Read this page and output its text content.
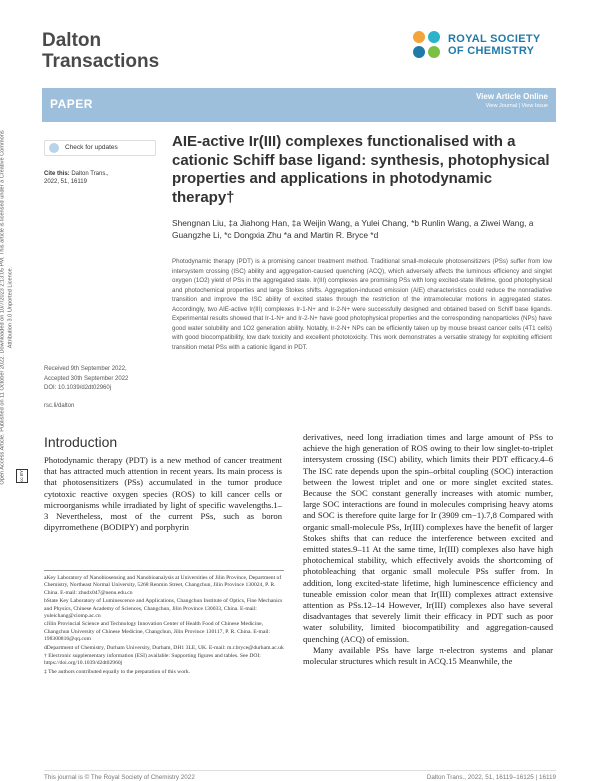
Dalton
Transactions
ROYAL SOCIETY
OF CHEMISTRY
PAPER
View Article Online
View Journal | View Issue
Check for updates
Cite this: Dalton Trans., 2022, 51, 16119
AIE-active Ir(III) complexes functionalised with a cationic Schiff base ligand: synthesis, photophysical properties and applications in photodynamic therapy†
Shengnan Liu, ‡a Jiahong Han, ‡a Weijin Wang, a Yulei Chang, *b Runlin Wang, a Ziwei Wang, a Guangzhe Li, *c Dongxia Zhu *a and Martin R. Bryce *d
Photodynamic therapy (PDT) is a promising cancer treatment method. Traditional small-molecule photosensitizers (PSs) suffer from low intersystem crossing (ISC) ability and aggregation-caused quenching (ACQ), which adversely affects the luminous efficiency and singlet oxygen (1O2) yield of PSs in the aggregated state. Ir(III) complexes are promising PSs with long excited-state lifetime, good photophysical and photochemical properties and large Stokes shifts. Aggregation-induced emission (AIE) characteristics could reduce the nonradiative transition and improve the ISC ability of excited states through the restriction of the intramolecular motions in aggregated states. Accordingly, two AIE-active Ir(III) complexes Ir-1-N+ and Ir-2-N+ were successfully designed and obtained based on Schiff base ligands. Experimental results showed that Ir-1-N+ and Ir-2-N+ have good photophysical properties and the corresponding nanoparticles (NPs) have good water solubility and 1O2 generation ability. Notably, Ir-2-N+ NPs can be efficiently taken up by mouse breast cancer cells (4T1 cells) with good biocompatibility, low dark toxicity and excellent phototoxicity. This work demonstrates a versatile strategy for exploiting efficient transition metal PSs with a cationic ligand in PDT.
Received 9th September 2022,
Accepted 30th September 2022
DOI: 10.1039/d2dt02960j
rsc.li/dalton
Introduction
Photodynamic therapy (PDT) is a new method of cancer treatment that has attracted much attention in recent years. Its main process is that photosensitizers (PSs) accumulated in the tumor produce cytotoxic reactive oxygen species (ROS) to kill cancer cells or microorganisms while irradiated by light of specific wavelengths.1–3 Nevertheless, most of the current PSs, such as boron dipyrromethene (BODIPY) and porphyrin

derivatives, need long irradiation times and large amount of PSs to achieve the high generation of ROS owing to their low singlet-to-triplet intersystem crossing (ISC) ability, which limits their PDT efficacy.4–6 The ISC rate depends upon the spin–orbital coupling (SOC) interaction between the lowest triplet and one or more singlet excited states. Because the SOC constant generally increases with atomic number, large SOC interactions are found in molecules comprising heavy atoms and SOC is therefore quite large for Ir (3909 cm−1).7,8 Compared with organic small-molecule PSs, Ir(III) complexes have the benefit of larger Stokes shifts that can reduce the interference between excited and emitted states.9–11 At the same time, Ir(III) complexes also have high photochemical stability, which effectively avoids the shortcoming of photobleaching that organic small molecule PSs suffer from. In addition, long excited-state lifetime, high luminescence efficiency and tuneable emission color mean that Ir(III) complexes attract extensive attention as PSs.12–14 However, Ir(III) complexes also have several disadvantages that severely limit their efficacy in PDT such as poor water solubility, limited biocompatibility and aggregation-caused quenching (ACQ) of emission.

Many available PSs have large π-electron systems and planar molecular structures which result in ACQ.15 Meanwhile, the

aKey Laboratory of Nanobiosensing and Nanobioanalysis at Universities of Jilin Province, Department of Chemistry, Northeast Normal University, 5268 Renmin Street, Changchun, Jilin Province 130024, P. R. China. E-mail: zhudx047@nenu.edu.cn

bState Key Laboratory of Luminescence and Applications, Changchun Institute of Optics, Fine Mechanics and Physics, Chinese Academy of Sciences, Changchun, Jilin Province 130033, China. E-mail: yuleichang@ciomp.ac.cn

cJilin Provincial Science and Technology Innovation Center of Health Food of Chinese Medicine, Changchun University of Chinese Medicine, Changchun, Jilin Province 130117, P. R. China. E-mail: 198300816@qq.com

dDepartment of Chemistry, Durham University, Durham, DH1 3LE, UK. E-mail: m.r.bryce@durham.ac.uk

† Electronic supplementary information (ESI) available: Supporting figures and tables. See DOI: https://doi.org/10.1039/d2dt02960j

‡ The authors contributed equally to the preparation of this work.

Open Access Article. Published on 11 October 2022. Downloaded on 10/7/2023 2:13:05 PM. This article is licensed under a Creative Commons Attribution 3.0 Unported Licence.
cc BY
This journal is © The Royal Society of Chemistry 2022	Dalton Trans., 2022, 51, 16119–16125 | 16119
